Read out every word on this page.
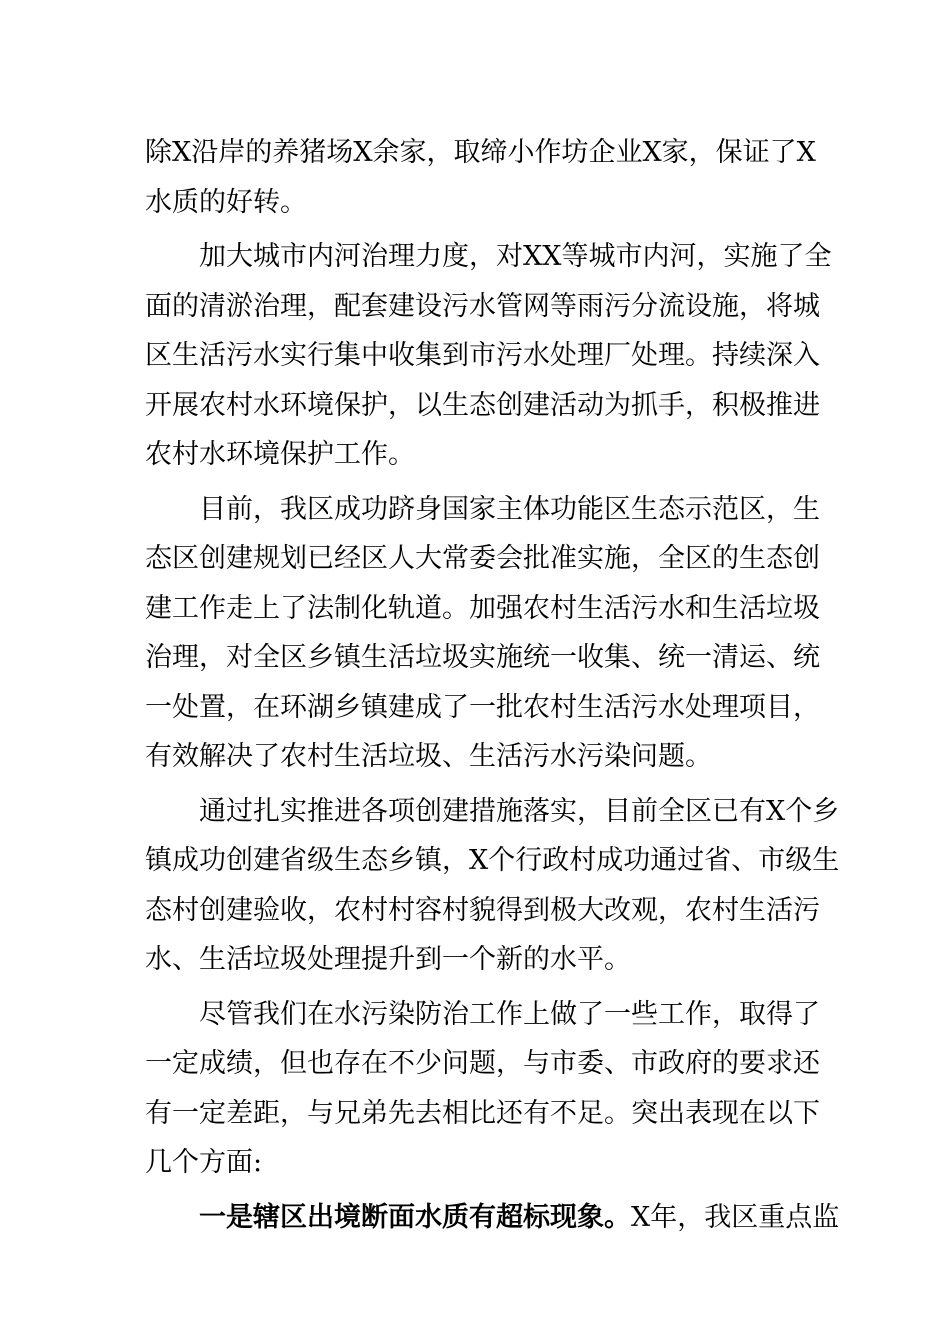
除X沿岸的养猪场X余家，取缔小作坊企业X家，保证了X
水质的好转。
加大城市内河治理力度，对XX等城市内河，实施了全
面的清淤治理，配套建设污水管网等雨污分流设施，将城
区生活污水实行集中收集到市污水处理厂处理。持续深入
开展农村水环境保护，以生态创建活动为抓手，积极推进
农村水环境保护工作。
目前，我区成功跻身国家主体功能区生态示范区，生
态区创建规划已经区人大常委会批准实施，全区的生态创
建工作走上了法制化轨道。加强农村生活污水和生活垃圾
治理，对全区乡镇生活垃圾实施统一收集、统一清运、统
一处置，在环湖乡镇建成了一批农村生活污水处理项目，
有效解决了农村生活垃圾、生活污水污染问题。
通过扎实推进各项创建措施落实，目前全区已有X个乡
镇成功创建省级生态乡镇，X个行政村成功通过省、市级生
态村创建验收，农村村容村貌得到极大改观，农村生活污
水、生活垃圾处理提升到一个新的水平。
尽管我们在水污染防治工作上做了一些工作，取得了
一定成绩，但也存在不少问题，与市委、市政府的要求还
有一定差距，与兄弟先去相比还有不足。突出表现在以下
几个方面:
一是辖区出境断面水质有超标现象。X年，我区重点监
